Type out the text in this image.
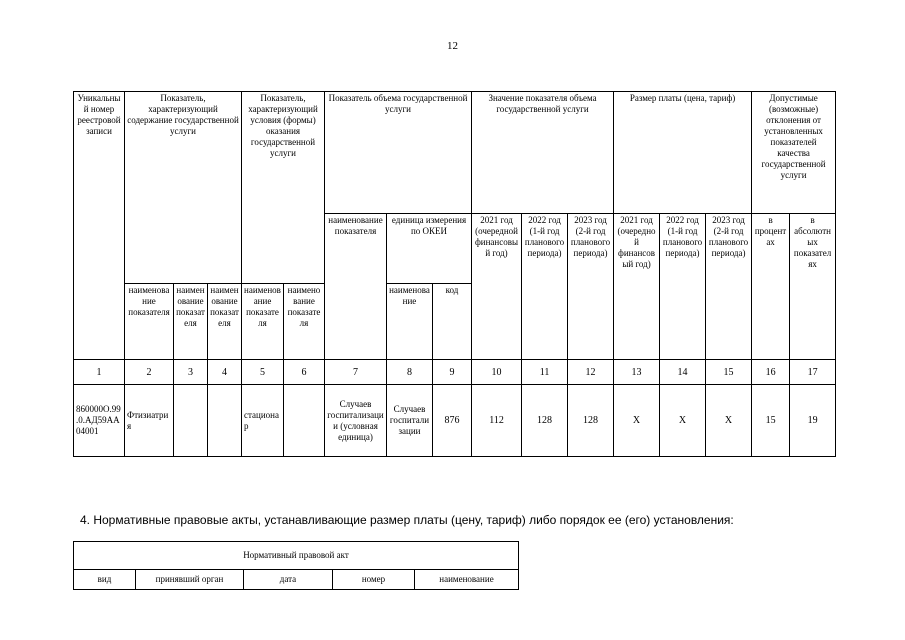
12
Уникальный номер реестровой записи	Показатель, характеризующий содержание государственной услуги			Показатель, характеризующий условия (формы) оказания государственной услуги		Показатель объема государственной услуги			Значение показателя объема государственной услуги			Размер платы (цена, тариф)			Допустимые (возможные) отклонения от установленных показателей качества государственной услуги	
						наименование показателя	единица измерения по ОКЕИ		2021 год (очередной финансовый год)	2022 год (1-й год планового периода)	2023 год (2-й год планового периода)	2021 год (очередной финансовый год)	2022 год (1-й год планового периода)	2023 год (2-й год планового периода)	в процентах	в абсолютных показателях
	наименование показателя	наименование показателя	наименование показателя	наименование показателя	наименование показателя		наименование	код								
1	2	3	4	5	6	7	8	9	10	11	12	13	14	15	16	17
860000О.99.0.АД59АА04001	Фтизиатрия			стационар		Случаев госпитализации (условная единица)	Случаев госпитализации	876	112	128	128	Х	Х	Х	15	19
4. Нормативные правовые акты, устанавливающие размер платы (цену, тариф) либо порядок ее (его) установления:
Нормативный правовой акт
вид	принявший орган	дата	номер	наименование
